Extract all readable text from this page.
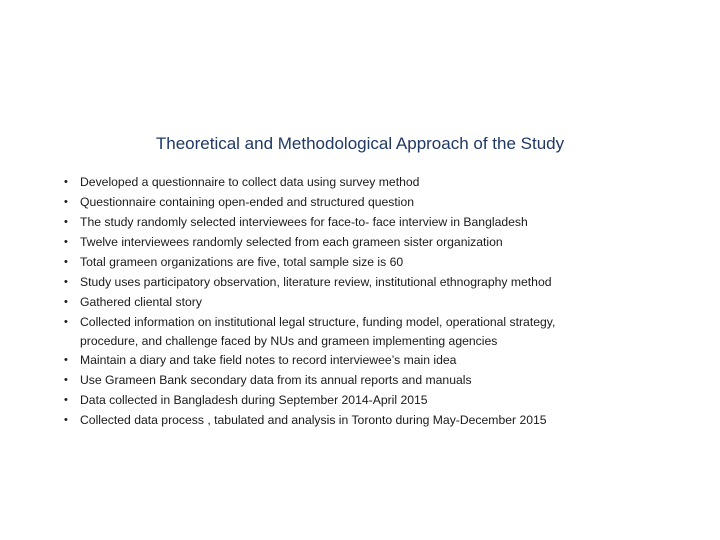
Theoretical and Methodological Approach of the Study
• Developed a questionnaire to collect data using survey method
• Questionnaire containing open-ended and structured question
• The study randomly selected interviewees for face-to- face interview in Bangladesh
• Twelve interviewees randomly selected from each grameen sister organization
• Total grameen organizations are five, total sample size is 60
• Study uses participatory observation, literature review, institutional ethnography method
• Gathered cliental story
• Collected information on institutional legal structure, funding model, operational strategy,
procedure, and challenge faced by NUs and grameen implementing agencies
• Maintain a diary and take field notes to record interviewee’s main idea
• Use Grameen Bank secondary data from its annual reports and manuals
• Data collected in Bangladesh during September 2014-April 2015
• Collected data process , tabulated and analysis in Toronto during May-December 2015
